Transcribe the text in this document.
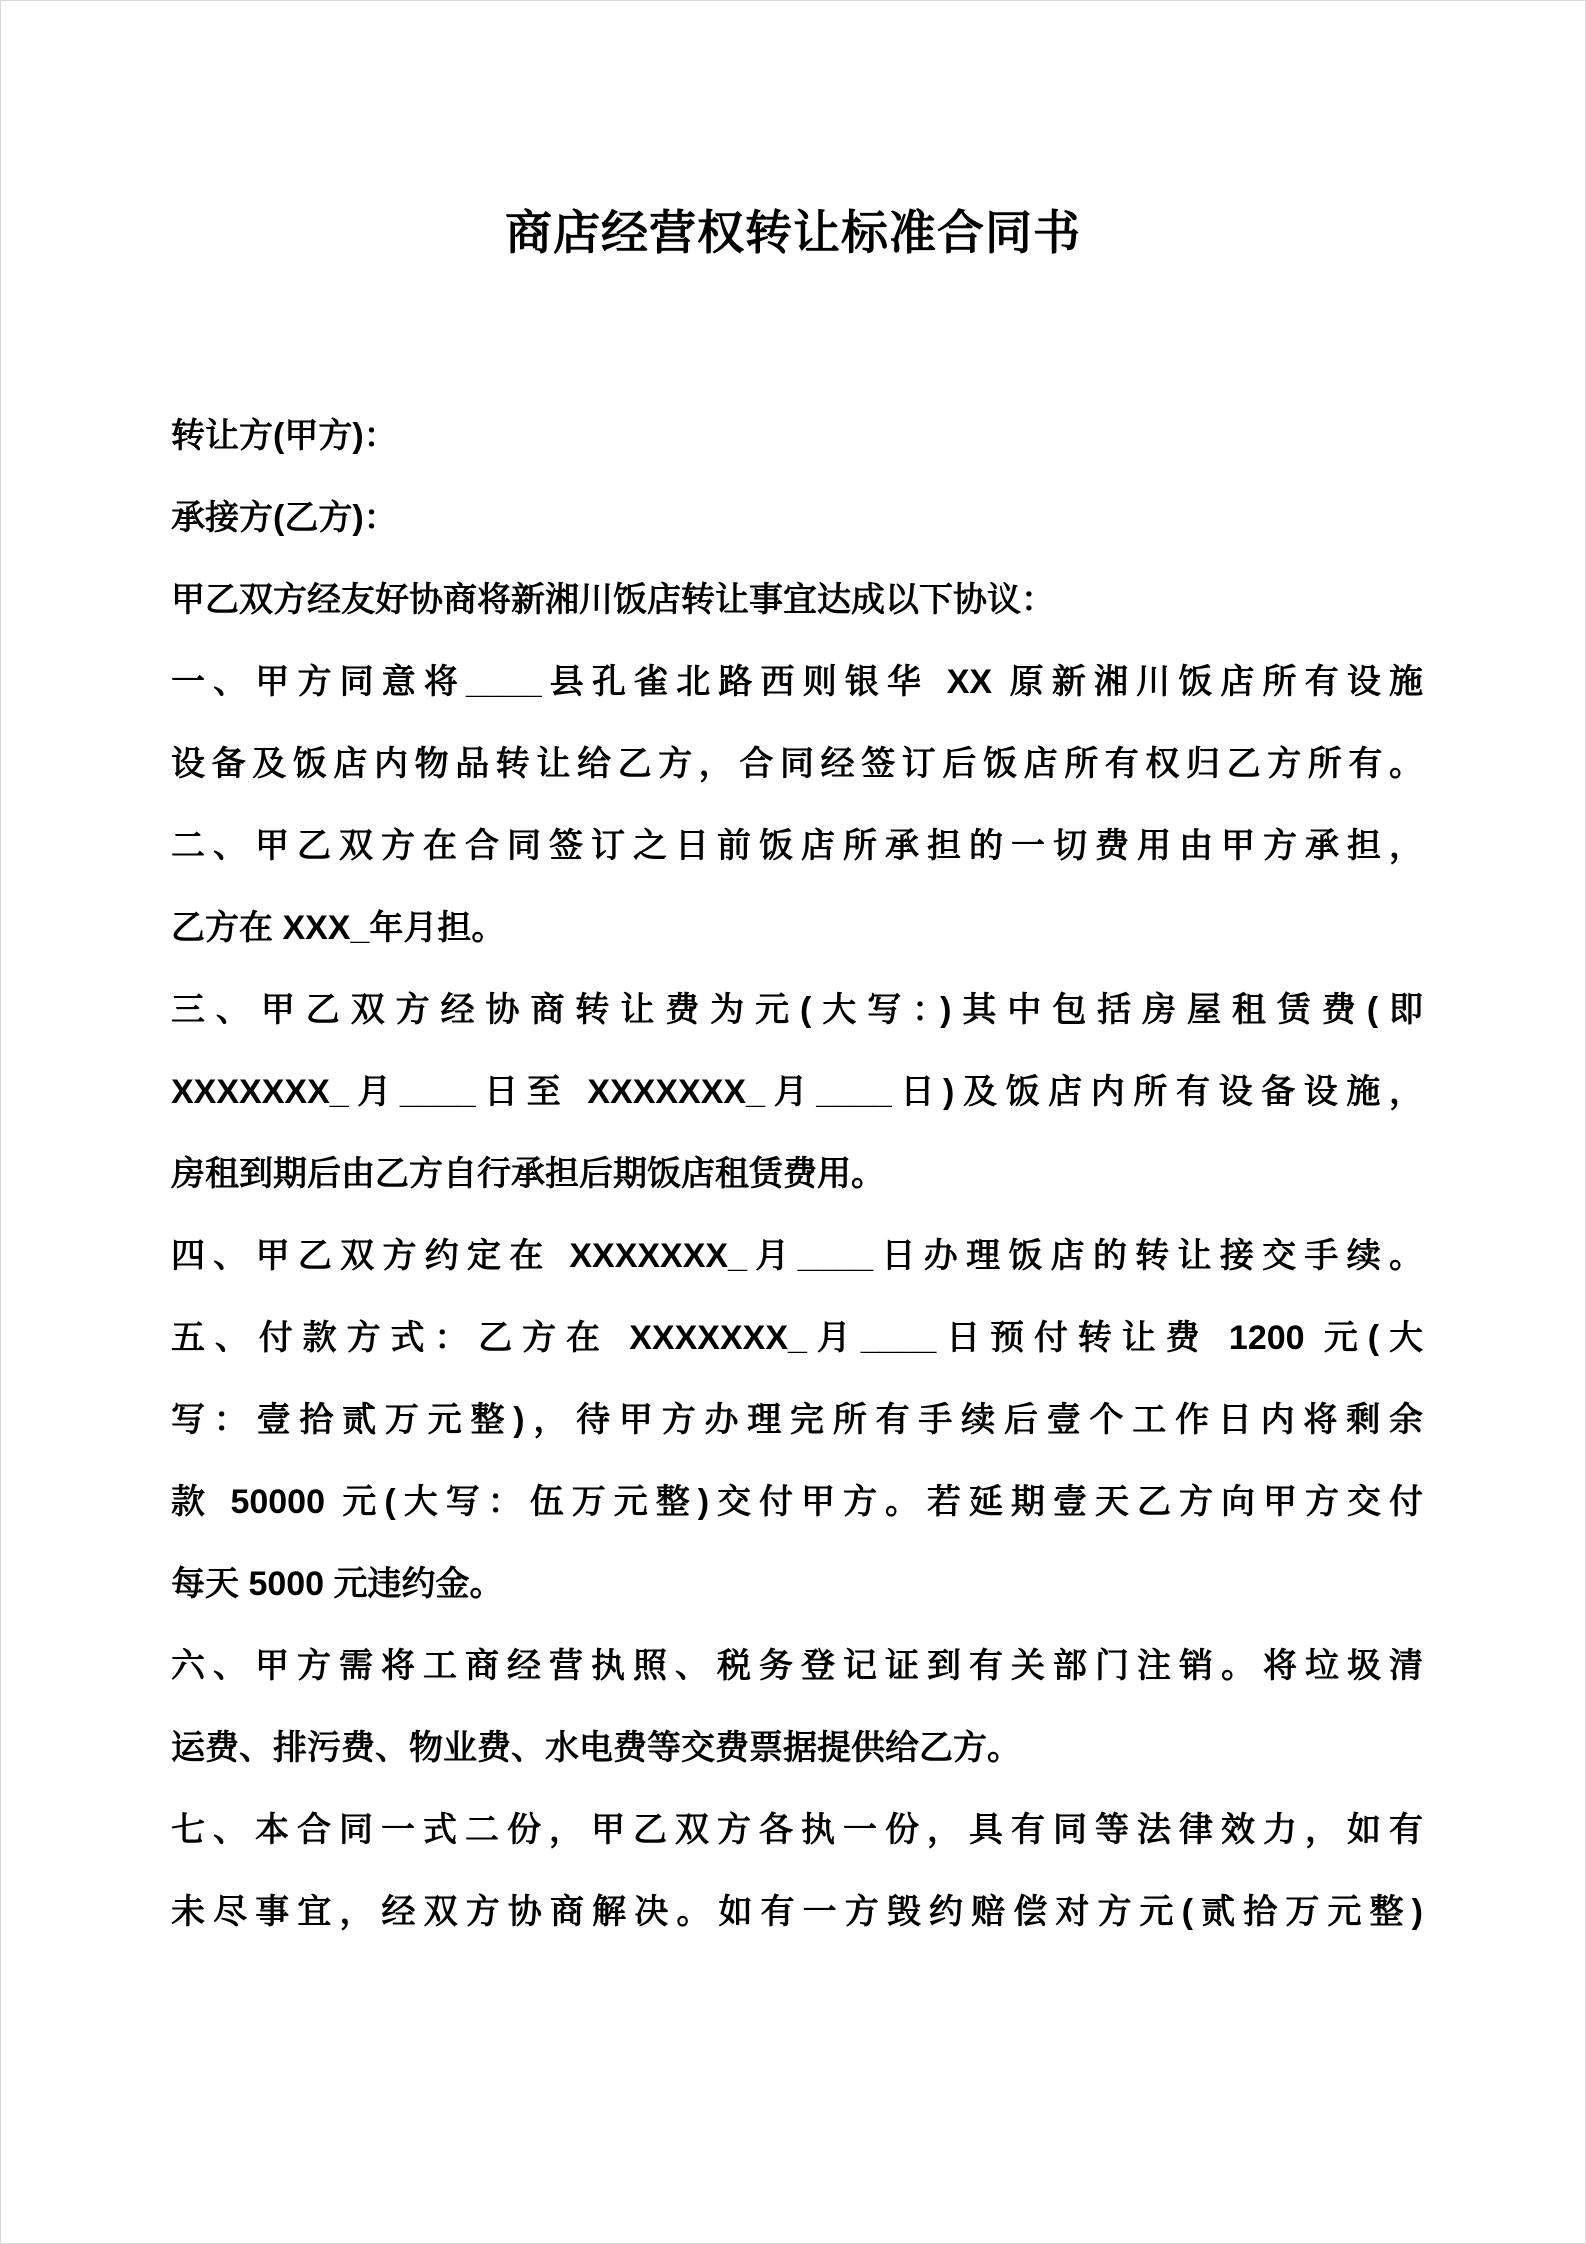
商店经营权转让标准合同书
转让方(甲方)：
承接方(乙方)：
甲乙双方经友好协商将新湘川饭店转让事宜达成以下协议：
一、甲方同意将____县孔雀北路西则银华 XX 原新湘川饭店所有设施
设备及饭店内物品转让给乙方，合同经签订后饭店所有权归乙方所有。
二、甲乙双方在合同签订之日前饭店所承担的一切费用由甲方承担，
乙方在 XXX_年月担。
三、甲乙双方经协商转让费为元(大写：)其中包括房屋租赁费(即
XXXXXXX_月____日至 XXXXXXX_月____日)及饭店内所有设备设施，
房租到期后由乙方自行承担后期饭店租赁费用。
四、甲乙双方约定在 XXXXXXX_月____日办理饭店的转让接交手续。
五、付款方式：乙方在 XXXXXXX_月____日预付转让费 1200 元(大
写：壹拾贰万元整)，待甲方办理完所有手续后壹个工作日内将剩余
款 50000 元(大写：伍万元整)交付甲方。若延期壹天乙方向甲方交付
每天 5000 元违约金。
六、甲方需将工商经营执照、税务登记证到有关部门注销。将垃圾清
运费、排污费、物业费、水电费等交费票据提供给乙方。
七、本合同一式二份，甲乙双方各执一份，具有同等法律效力，如有
未尽事宜，经双方协商解决。如有一方毁约赔偿对方元(贰拾万元整)
